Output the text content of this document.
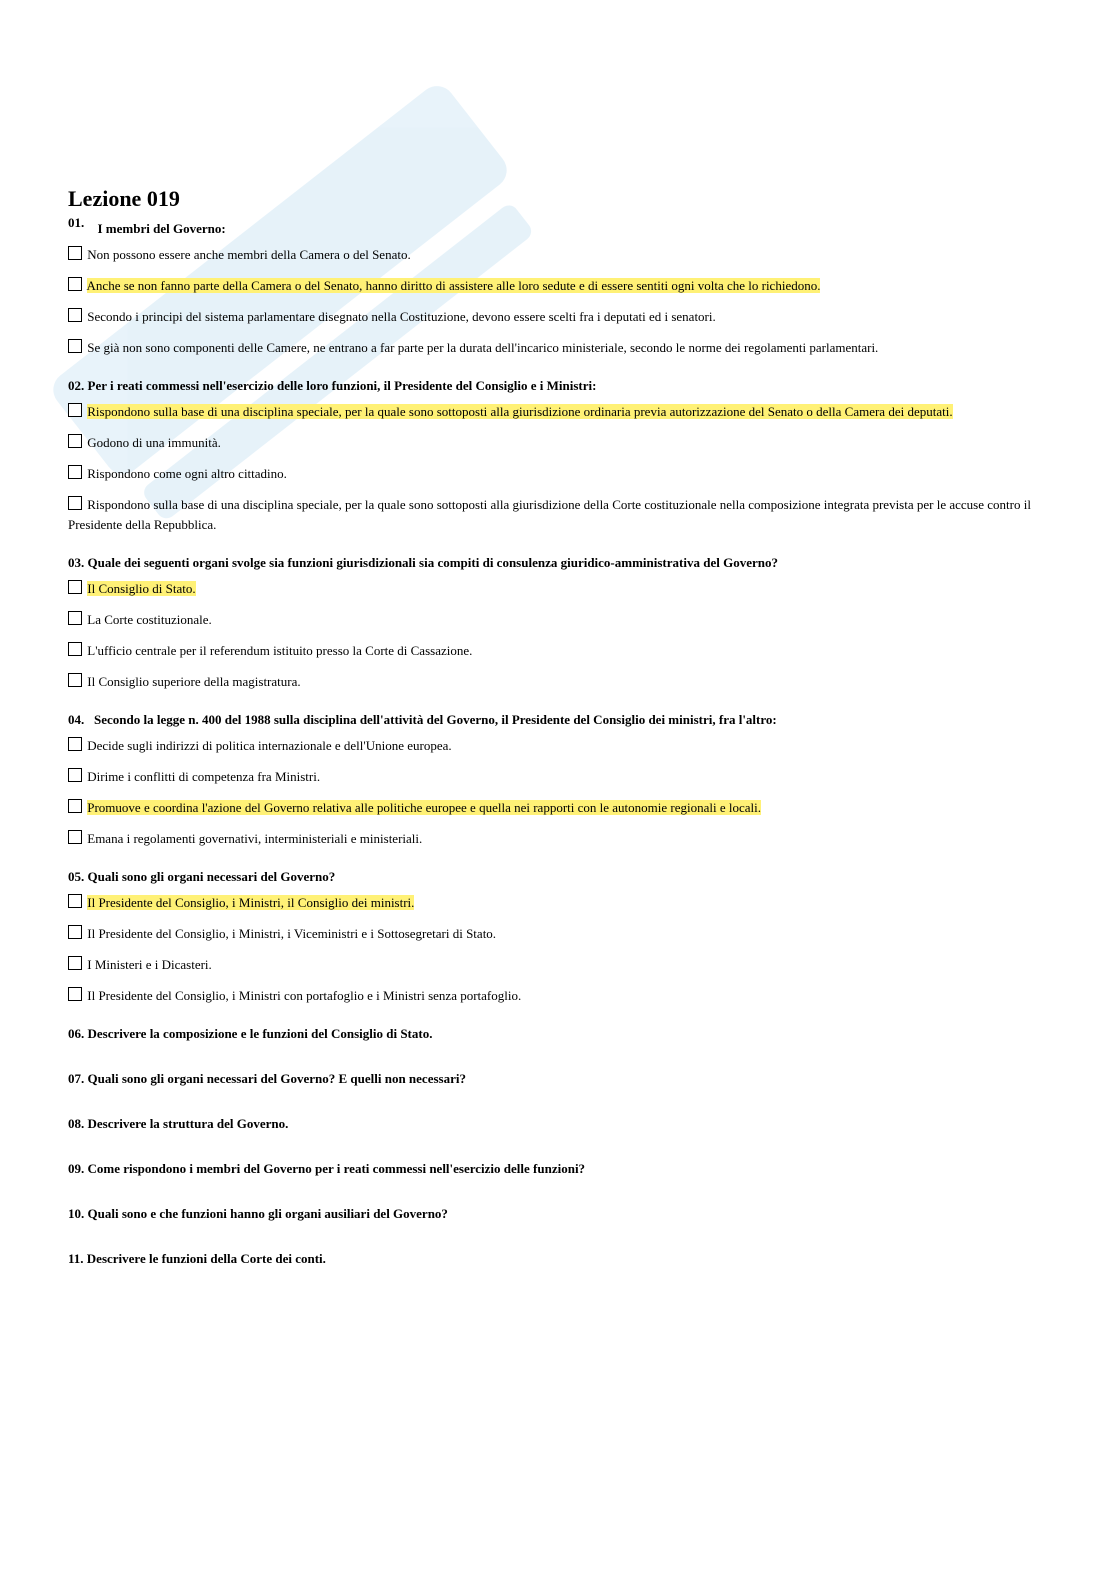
Lezione 019
01. I membri del Governo:
Non possono essere anche membri della Camera o del Senato.
Anche se non fanno parte della Camera o del Senato, hanno diritto di assistere alle loro sedute e di essere sentiti ogni volta che lo richiedono.
Secondo i principi del sistema parlamentare disegnato nella Costituzione, devono essere scelti fra i deputati ed i senatori.
Se già non sono componenti delle Camere, ne entrano a far parte per la durata dell'incarico ministeriale, secondo le norme dei regolamenti parlamentari.
02. Per i reati commessi nell'esercizio delle loro funzioni, il Presidente del Consiglio e i Ministri:
Rispondono sulla base di una disciplina speciale, per la quale sono sottoposti alla giurisdizione ordinaria previa autorizzazione del Senato o della Camera dei deputati.
Godono di una immunità.
Rispondono come ogni altro cittadino.
Rispondono sulla base di una disciplina speciale, per la quale sono sottoposti alla giurisdizione della Corte costituzionale nella composizione integrata prevista per le accuse contro il Presidente della Repubblica.
03. Quale dei seguenti organi svolge sia funzioni giurisdizionali sia compiti di consulenza giuridico-amministrativa del Governo?
Il Consiglio di Stato.
La Corte costituzionale.
L'ufficio centrale per il referendum istituito presso la Corte di Cassazione.
Il Consiglio superiore della magistratura.
04. Secondo la legge n. 400 del 1988 sulla disciplina dell'attività del Governo, il Presidente del Consiglio dei ministri, fra l'altro:
Decide sugli indirizzi di politica internazionale e dell'Unione europea.
Dirime i conflitti di competenza fra Ministri.
Promuove e coordina l'azione del Governo relativa alle politiche europee e quella nei rapporti con le autonomie regionali e locali.
Emana i regolamenti governativi, interministeriali e ministeriali.
05. Quali sono gli organi necessari del Governo?
Il Presidente del Consiglio, i Ministri, il Consiglio dei ministri.
Il Presidente del Consiglio, i Ministri, i Viceministri e i Sottosegretari di Stato.
I Ministeri e i Dicasteri.
Il Presidente del Consiglio, i Ministri con portafoglio e i Ministri senza portafoglio.
06. Descrivere la composizione e le funzioni del Consiglio di Stato.
07. Quali sono gli organi necessari del Governo? E quelli non necessari?
08. Descrivere la struttura del Governo.
09. Come rispondono i membri del Governo per i reati commessi nell'esercizio delle funzioni?
10. Quali sono e che funzioni hanno gli organi ausiliari del Governo?
11. Descrivere le funzioni della Corte dei conti.
